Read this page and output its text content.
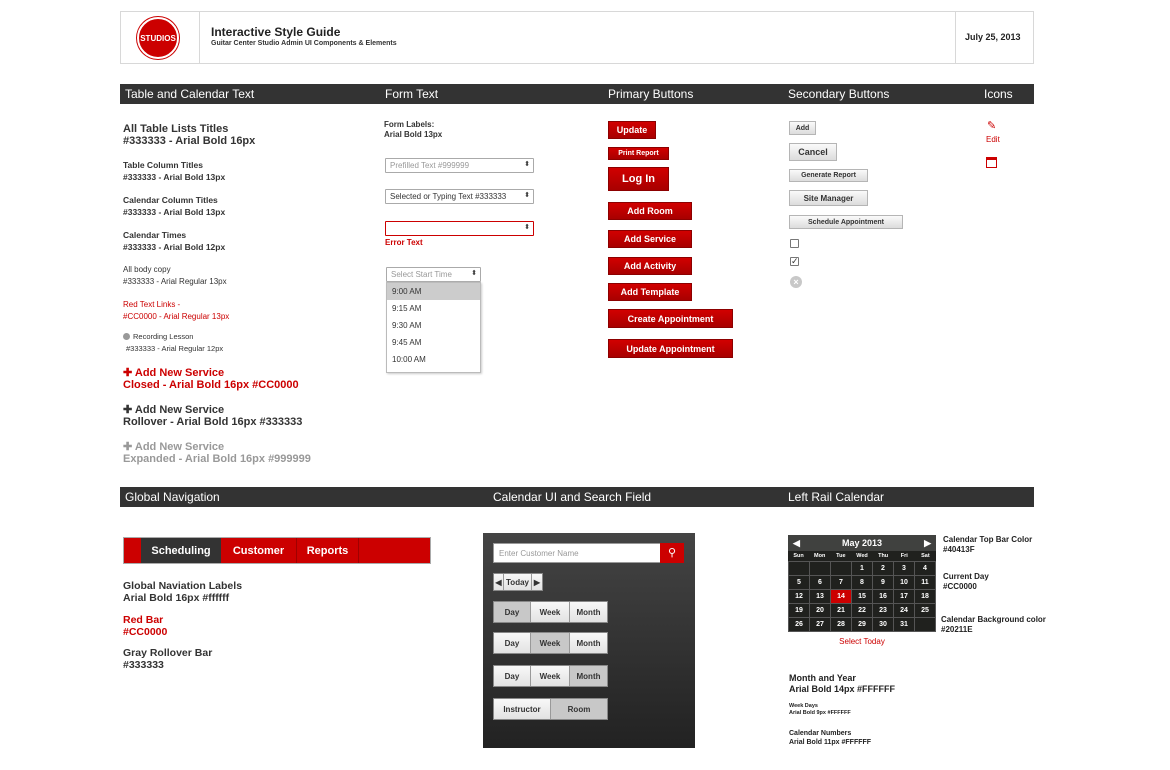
STUDIOS	Interactive Style Guide
Guitar Center Studio Admin UI Components & Elements
July 25, 2013
Table and Calendar Text	Form Text	Primary Buttons	Secondary Buttons	Icons
All Table Lists Titles
#333333 - Arial Bold 16px
Table Column Titles
#333333 - Arial Bold 13px
Calendar Column Titles
#333333 - Arial Bold 13px
Calendar Times
#333333 - Arial Bold 12px
All body copy
#333333 - Arial Regular 13px
Red Text Links -
#CC0000 - Arial Regular 13px
Recording Lesson
#333333 - Arial Regular 12px
✚ Add New Service
Closed - Arial Bold 16px #CC0000
✚ Add New Service
Rollover - Arial Bold 16px #333333
✚ Add New Service
Expanded - Arial Bold 16px #999999
Form Labels:
Arial Bold 13px
Prefilled Text #999999	⬍
Selected or Typing Text #333333	⬍
⬍
Error Text
Select Start Time	⬍
9:00 AM
9:15 AM
9:30 AM
9:45 AM
10:00 AM
Update
Print Report
Log In
Add Room
Add Service
Add Activity
Add Template
Create Appointment
Update Appointment
Add
Cancel
Generate Report
Site Manager
Schedule Appointment
✓
×
✎
Edit
Global Navigation	Calendar UI and Search Field	Left Rail Calendar
Scheduling Customer Reports
Global Naviation Labels
Arial Bold 16px #ffffff
Red Bar
#CC0000
Gray Rollover Bar
#333333
Enter Customer Name	⚲
◀ Today ▶
Day	Week	Month
Day	Week	Month
Day	Week	Month
Instructor	Room
◀	May 2013	▶
Sun	Mon	Tue	Wed	Thu	Fri	Sat
			1	2	3	4
5	6	7	8	9	10	11
12	13	14	15	16	17	18
19	20	21	22	23	24	25
26	27	28	29	30	31	
Select Today
Calendar Top Bar Color
#40413F
Current Day
#CC0000
Calendar Background color
#20211E
Month and Year
Arial Bold 14px #FFFFFF
Week Days
Arial Bold 9px #FFFFFF
Calendar Numbers
Arial Bold 11px #FFFFFF
